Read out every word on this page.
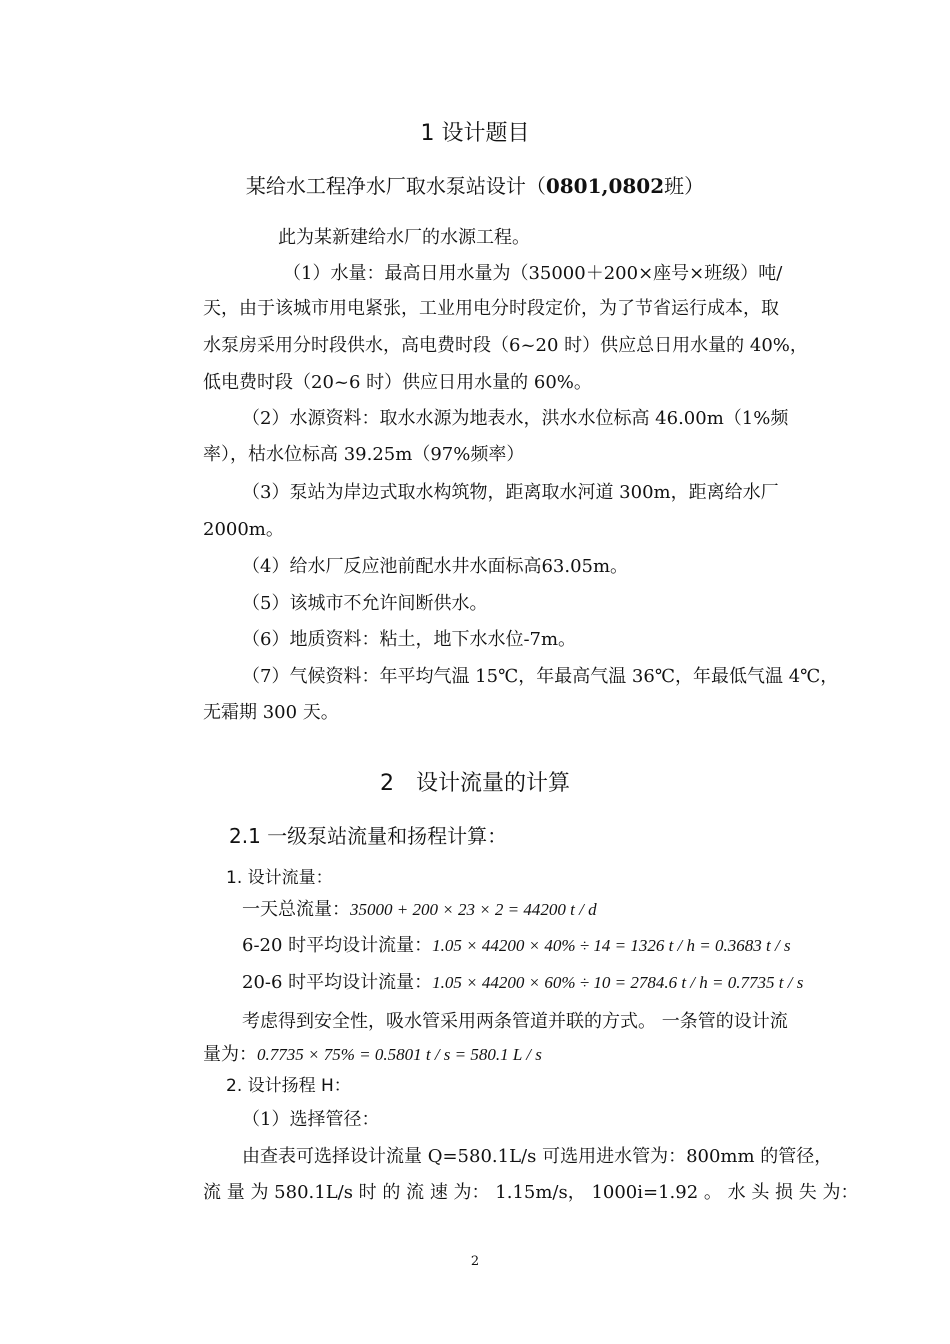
1 设计题目
某给水工程净水厂取水泵站设计（0801,0802班）
此为某新建给水厂的水源工程。
（1）水量：最高日用水量为（35000＋200×座号×班级）吨/
天，由于该城市用电紧张，工业用电分时段定价，为了节省运行成本，取
水泵房采用分时段供水，高电费时段（6~20 时）供应总日用水量的 40%，
低电费时段（20~6 时）供应日用水量的 60%。
（2）水源资料：取水水源为地表水，洪水水位标高 46.00m（1%频
率），枯水位标高 39.25m（97%频率）
（3）泵站为岸边式取水构筑物，距离取水河道 300m，距离给水厂
2000m。
（4）给水厂反应池前配水井水面标高63.05m。
（5）该城市不允许间断供水。
（6）地质资料：粘土，地下水水位-7m。
（7）气候资料：年平均气温 15℃，年最高气温 36℃，年最低气温 4℃，
无霜期 300 天。
2　设计流量的计算
2.1 一级泵站流量和扬程计算：
1. 设计流量：
一天总流量：35000 + 200 × 23 × 2 = 44200 t / d
6-20 时平均设计流量：1.05 × 44200 × 40% ÷ 14 = 1326 t / h = 0.3683 t / s
20-6 时平均设计流量：1.05 × 44200 × 60% ÷ 10 = 2784.6 t / h = 0.7735 t / s
考虑得到安全性，吸水管采用两条管道并联的方式。 一条管的设计流
量为：0.7735 × 75% = 0.5801 t / s = 580.1 L / s
2. 设计扬程 H：
（1）选择管径：
由查表可选择设计流量 Q=580.1L/s 可选用进水管为：800mm 的管径，
流 量 为 580.1L/s 时 的 流 速 为： 1.15m/s， 1000i=1.92 。 水 头 损 失 为：
2
